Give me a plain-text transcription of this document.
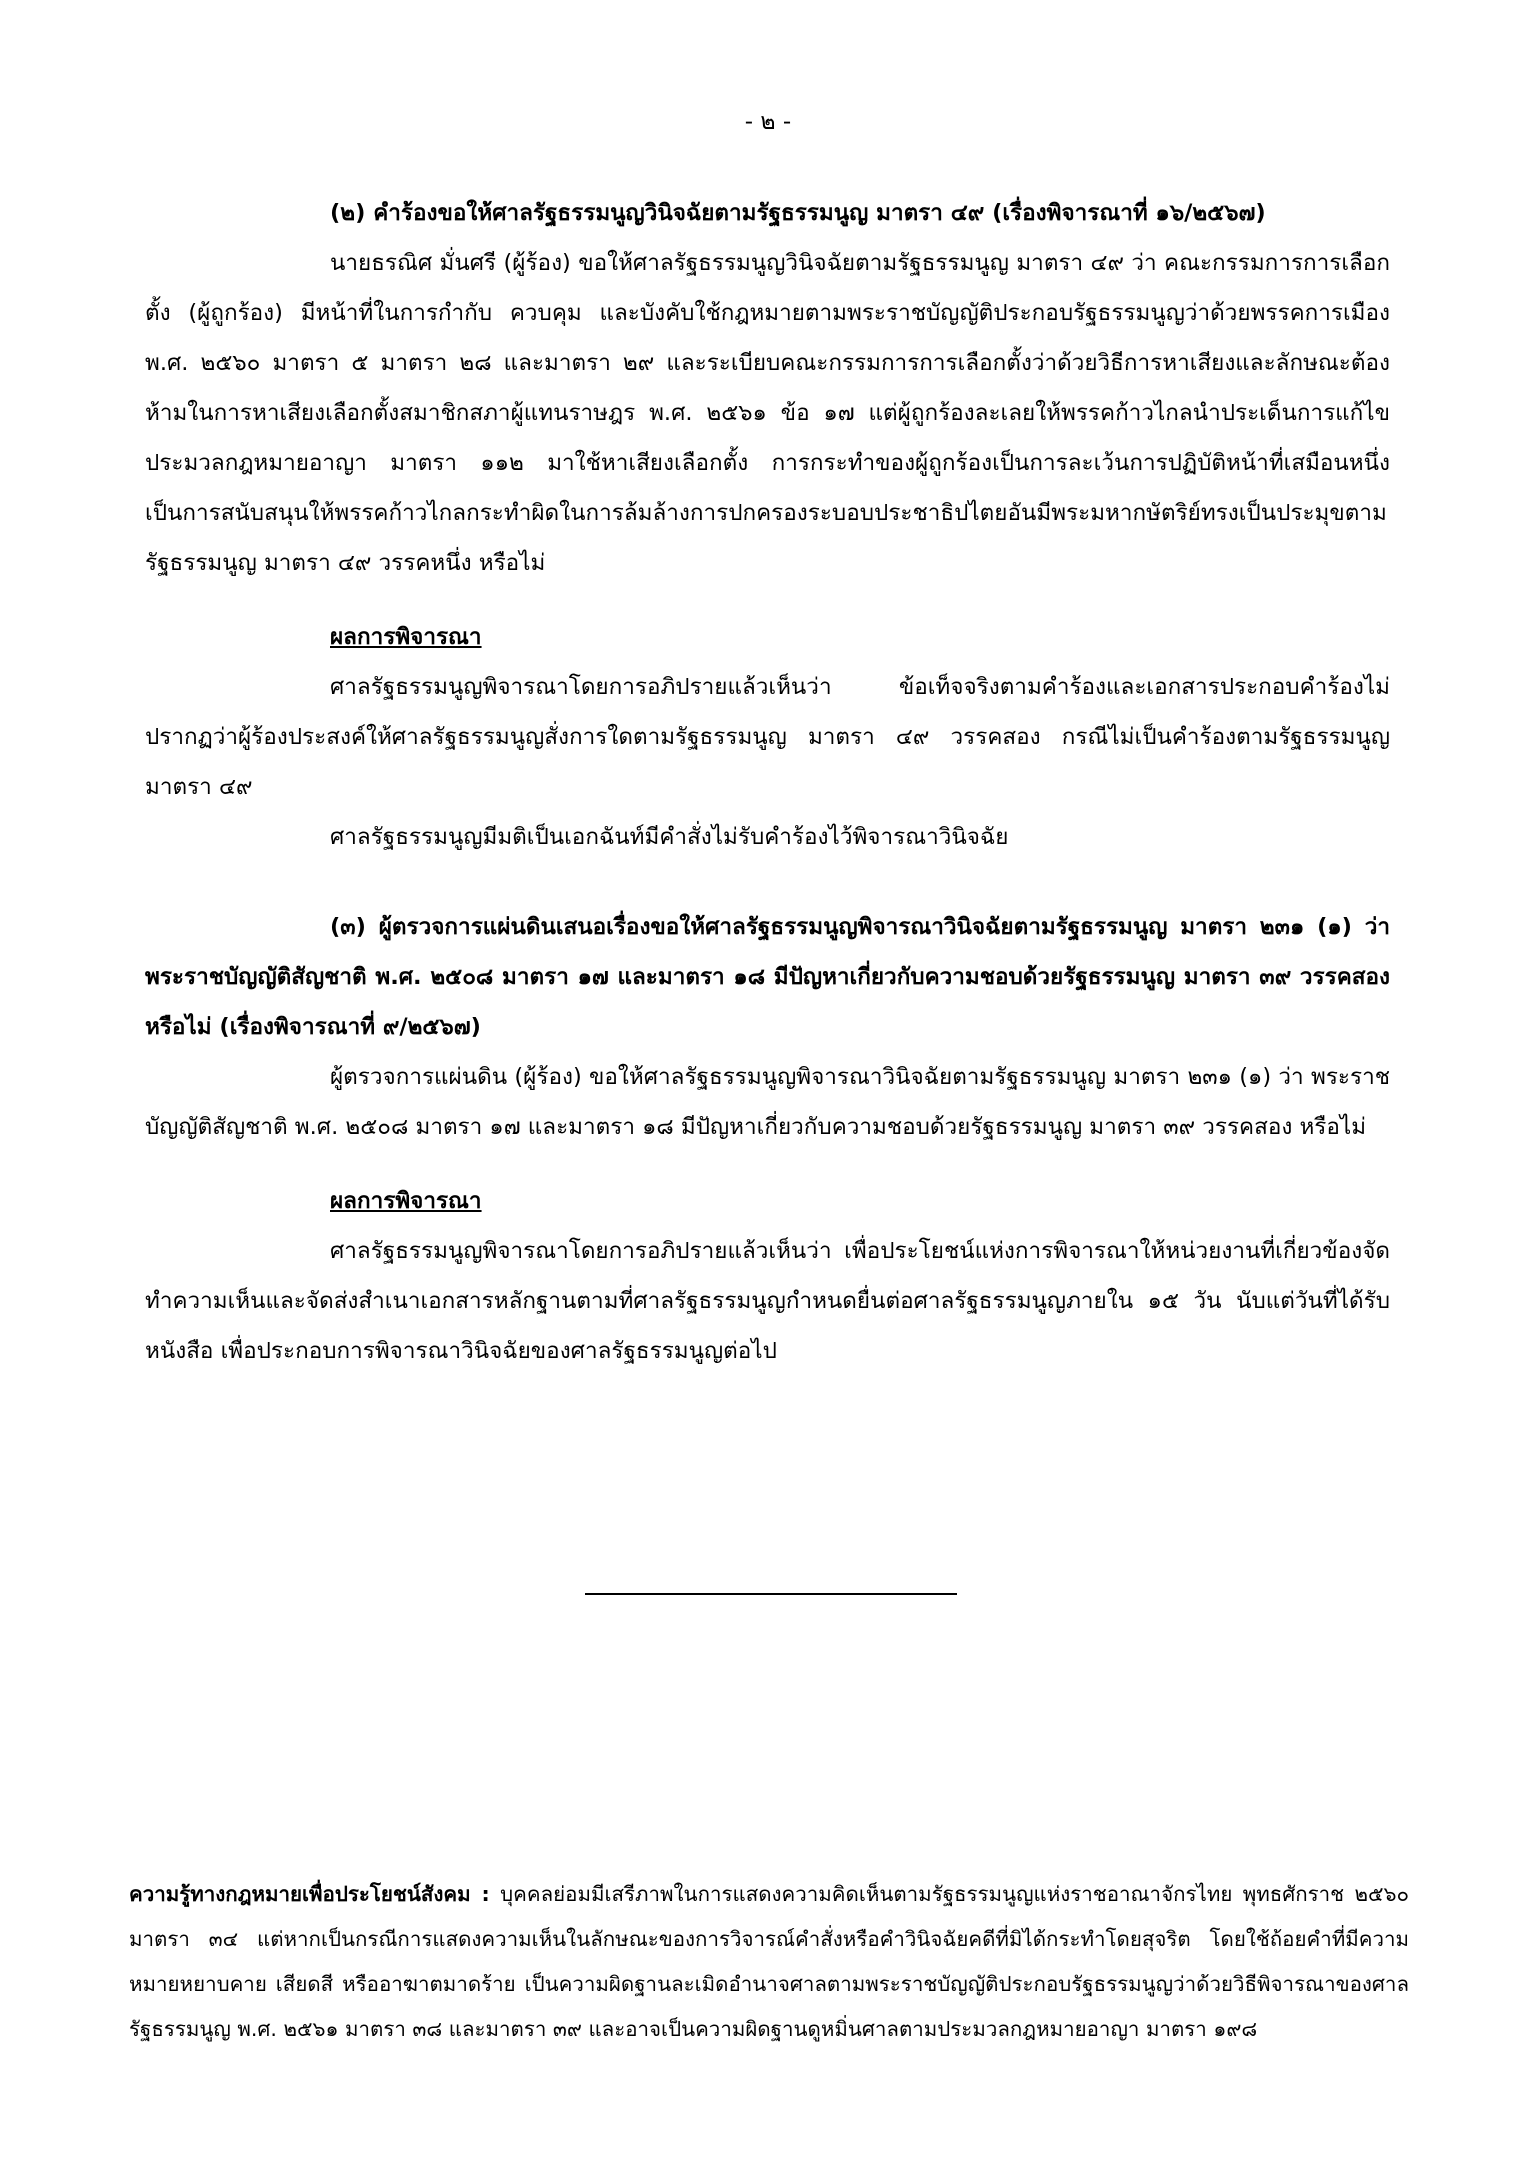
- ๒ -

(๒) คำร้องขอให้ศาลรัฐธรรมนูญวินิจฉัยตามรัฐธรรมนูญ มาตรา ๔๙ (เรื่องพิจารณาที่ ๑๖/๒๕๖๗)

นายธรณิศ มั่นศรี (ผู้ร้อง) ขอให้ศาลรัฐธรรมนูญวินิจฉัยตามรัฐธรรมนูญ มาตรา ๔๙ ว่า คณะกรรมการการเลือกตั้ง (ผู้ถูกร้อง) มีหน้าที่ในการกำกับ ควบคุม และบังคับใช้กฎหมายตามพระราชบัญญัติประกอบรัฐธรรมนูญว่าด้วยพรรคการเมือง พ.ศ. ๒๕๖๐ มาตรา ๕ มาตรา ๒๘ และมาตรา ๒๙ และระเบียบคณะกรรมการการเลือกตั้งว่าด้วยวิธีการหาเสียงและลักษณะต้องห้ามในการหาเสียงเลือกตั้งสมาชิกสภาผู้แทนราษฎร พ.ศ. ๒๕๖๑ ข้อ ๑๗ แต่ผู้ถูกร้องละเลยให้พรรคก้าวไกลนำประเด็นการแก้ไขประมวลกฎหมายอาญา มาตรา ๑๑๒ มาใช้หาเสียงเลือกตั้ง การกระทำของผู้ถูกร้องเป็นการละเว้นการปฏิบัติหน้าที่เสมือนหนึ่งเป็นการสนับสนุนให้พรรคก้าวไกลกระทำผิดในการล้มล้างการปกครองระบอบประชาธิปไตยอันมีพระมหากษัตริย์ทรงเป็นประมุขตามรัฐธรรมนูญ มาตรา ๔๙ วรรคหนึ่ง หรือไม่

ผลการพิจารณา

ศาลรัฐธรรมนูญพิจารณาโดยการอภิปรายแล้วเห็นว่า ข้อเท็จจริงตามคำร้องและเอกสารประกอบคำร้องไม่ปรากฏว่าผู้ร้องประสงค์ให้ศาลรัฐธรรมนูญสั่งการใดตามรัฐธรรมนูญ มาตรา ๔๙ วรรคสอง กรณีไม่เป็นคำร้องตามรัฐธรรมนูญ มาตรา ๔๙

ศาลรัฐธรรมนูญมีมติเป็นเอกฉันท์มีคำสั่งไม่รับคำร้องไว้พิจารณาวินิจฉัย

(๓) ผู้ตรวจการแผ่นดินเสนอเรื่องขอให้ศาลรัฐธรรมนูญพิจารณาวินิจฉัยตามรัฐธรรมนูญ มาตรา ๒๓๑ (๑) ว่า พระราชบัญญัติสัญชาติ พ.ศ. ๒๕๐๘ มาตรา ๑๗ และมาตรา ๑๘ มีปัญหาเกี่ยวกับความชอบด้วยรัฐธรรมนูญ มาตรา ๓๙ วรรคสอง หรือไม่ (เรื่องพิจารณาที่ ๙/๒๕๖๗)

ผู้ตรวจการแผ่นดิน (ผู้ร้อง) ขอให้ศาลรัฐธรรมนูญพิจารณาวินิจฉัยตามรัฐธรรมนูญ มาตรา ๒๓๑ (๑) ว่า พระราชบัญญัติสัญชาติ พ.ศ. ๒๕๐๘ มาตรา ๑๗ และมาตรา ๑๘ มีปัญหาเกี่ยวกับความชอบด้วยรัฐธรรมนูญ มาตรา ๓๙ วรรคสอง หรือไม่

ผลการพิจารณา

ศาลรัฐธรรมนูญพิจารณาโดยการอภิปรายแล้วเห็นว่า เพื่อประโยชน์แห่งการพิจารณาให้หน่วยงานที่เกี่ยวข้องจัดทำความเห็นและจัดส่งสำเนาเอกสารหลักฐานตามที่ศาลรัฐธรรมนูญกำหนดยื่นต่อศาลรัฐธรรมนูญภายใน ๑๕ วัน นับแต่วันที่ได้รับหนังสือ เพื่อประกอบการพิจารณาวินิจฉัยของศาลรัฐธรรมนูญต่อไป

ความรู้ทางกฎหมายเพื่อประโยชน์สังคม : บุคคลย่อมมีเสรีภาพในการแสดงความคิดเห็นตามรัฐธรรมนูญแห่งราชอาณาจักรไทย พุทธศักราช ๒๕๖๐ มาตรา ๓๔ แต่หากเป็นกรณีการแสดงความเห็นในลักษณะของการวิจารณ์คำสั่งหรือคำวินิจฉัยคดีที่มิได้กระทำโดยสุจริต โดยใช้ถ้อยคำที่มีความหมายหยาบคาย เสียดสี หรืออาฆาตมาดร้าย เป็นความผิดฐานละเมิดอำนาจศาลตามพระราชบัญญัติประกอบรัฐธรรมนูญว่าด้วยวิธีพิจารณาของศาลรัฐธรรมนูญ พ.ศ. ๒๕๖๑ มาตรา ๓๘ และมาตรา ๓๙ และอาจเป็นความผิดฐานดูหมิ่นศาลตามประมวลกฎหมายอาญา มาตรา ๑๙๘
